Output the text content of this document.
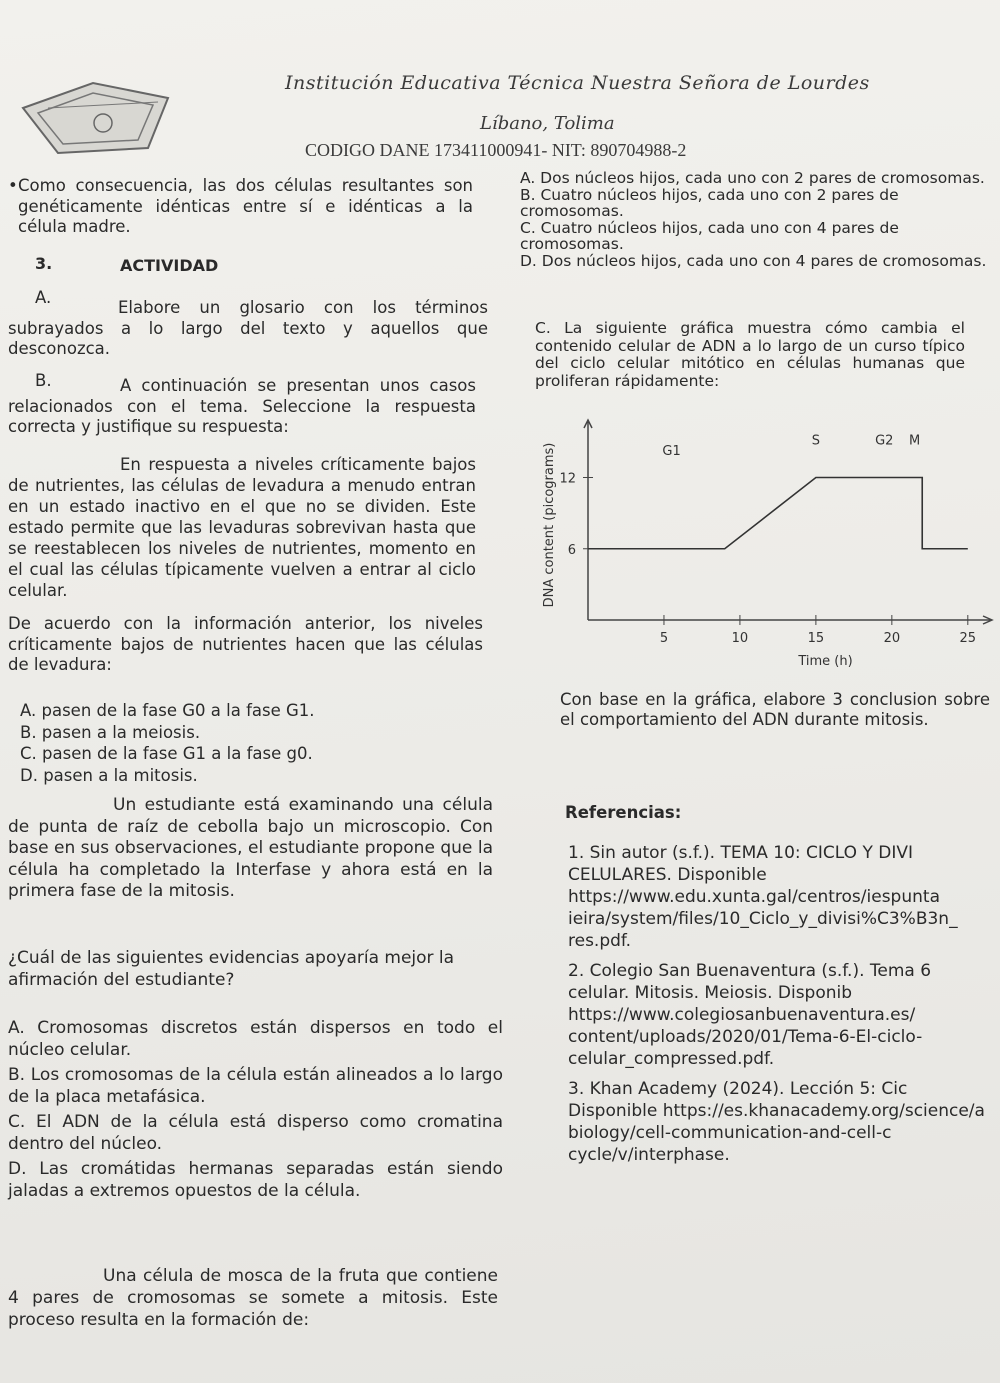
Institución Educativa Técnica Nuestra Señora de Lourdes
Líbano, Tolima
CODIGO DANE 173411000941- NIT: 890704988-2
• Como consecuencia, las dos células resultantes son genéticamente idénticas entre sí e idénticas a la célula madre.
3.	ACTIVIDAD
A.
Elabore un glosario con los términos subrayados a lo largo del texto y aquellos que desconozca.
B.	A continuación se presentan unos casos relacionados con el tema. Seleccione la respuesta correcta y justifique su respuesta:
En respuesta a niveles críticamente bajos de nutrientes, las células de levadura a menudo entran en un estado inactivo en el que no se dividen. Este estado permite que las levaduras sobrevivan hasta que se reestablecen los niveles de nutrientes, momento en el cual las células típicamente vuelven a entrar al ciclo celular.
De acuerdo con la información anterior, los niveles críticamente bajos de nutrientes hacen que las células de levadura:
A. pasen de la fase G0 a la fase G1.
B. pasen a la meiosis.
C. pasen de la fase G1 a la fase g0.
D. pasen a la mitosis.
Un estudiante está examinando una célula de punta de raíz de cebolla bajo un microscopio. Con base en sus observaciones, el estudiante propone que la célula ha completado la Interfase y ahora está en la primera fase de la mitosis.
¿Cuál de las siguientes evidencias apoyaría mejor la afirmación del estudiante?
A. Cromosomas discretos están dispersos en todo el núcleo celular.
B. Los cromosomas de la célula están alineados a lo largo de la placa metafásica.
C. El ADN de la célula está disperso como cromatina dentro del núcleo.
D. Las cromátidas hermanas separadas están siendo jaladas a extremos opuestos de la célula.
Una célula de mosca de la fruta que contiene 4 pares de cromosomas se somete a mitosis. Este proceso resulta en la formación de:
A. Dos núcleos hijos, cada uno con 2 pares de cromosomas.
B. Cuatro núcleos hijos, cada uno con 2 pares de cromosomas.
C. Cuatro núcleos hijos, cada uno con 4 pares de cromosomas.
D. Dos núcleos hijos, cada uno con 4 pares de cromosomas.
C. La siguiente gráfica muestra cómo cambia el contenido celular de ADN a lo largo de un curso típico del ciclo celular mitótico en células humanas que proliferan rápidamente:
5	10	15	20	25
6
12
Time (h)
DNA content (picograms)	G1
S	G2 M
Con base en la gráfica, elabore 3 conclusion sobre el comportamiento del ADN durante mitosis.
Referencias:
1. Sin autor (s.f.). TEMA 10: CICLO Y DIVI CELULARES. Disponible https://www.edu.xunta.gal/centros/iespunta ieira/system/files/10_Ciclo_y_divisi%C3%B3n_ res.pdf.
2. Colegio San Buenaventura (s.f.). Tema 6 celular. Mitosis. Meiosis. Disponib https://www.colegiosanbuenaventura.es/ content/uploads/2020/01/Tema-6-El-ciclo- celular_compressed.pdf.
3. Khan Academy (2024). Lección 5: Cic Disponible https://es.khanacademy.org/science/a biology/cell-communication-and-cell-c cycle/v/interphase.
